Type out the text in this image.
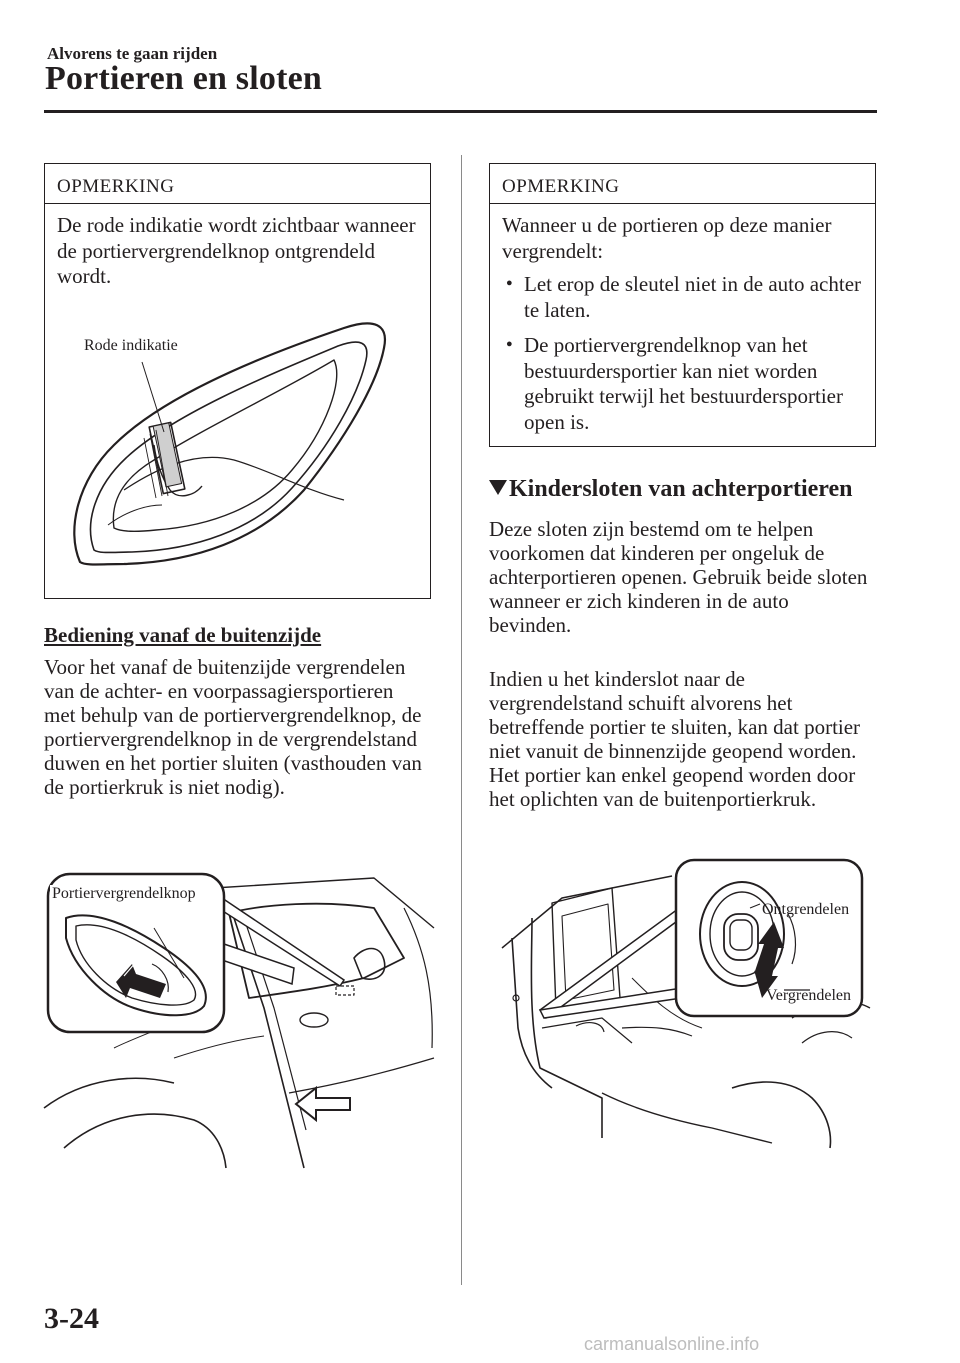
Alvorens te gaan rijden
Portieren en sloten
OPMERKING
De rode indikatie wordt zichtbaar wanneer de portiervergrendelknop ontgrendeld wordt.
Rode indikatie
Bediening vanaf de buitenzijde
Voor het vanaf de buitenzijde vergrendelen van de achter- en voorpassagiersportieren met behulp van de portiervergrendelknop, de portiervergrendelknop in de vergrendelstand duwen en het portier sluiten (vasthouden van de portierkruk is niet nodig).
Portiervergrendelknop
OPMERKING
Wanneer u de portieren op deze manier vergrendelt:
● Let erop de sleutel niet in de auto achter te laten.
● De portiervergrendelknop van het bestuurdersportier kan niet worden gebruikt terwijl het bestuurdersportier open is.
Kindersloten van achterportieren
Deze sloten zijn bestemd om te helpen voorkomen dat kinderen per ongeluk de achterportieren openen. Gebruik beide sloten wanneer er zich kinderen in de auto bevinden.
Indien u het kinderslot naar de vergrendelstand schuift alvorens het betreffende portier te sluiten, kan dat portier niet vanuit de binnenzijde geopend worden. Het portier kan enkel geopend worden door het oplichten van de buitenportierkruk.
Ontgrendelen
Vergrendelen
3-24
carmanualsonline.info
